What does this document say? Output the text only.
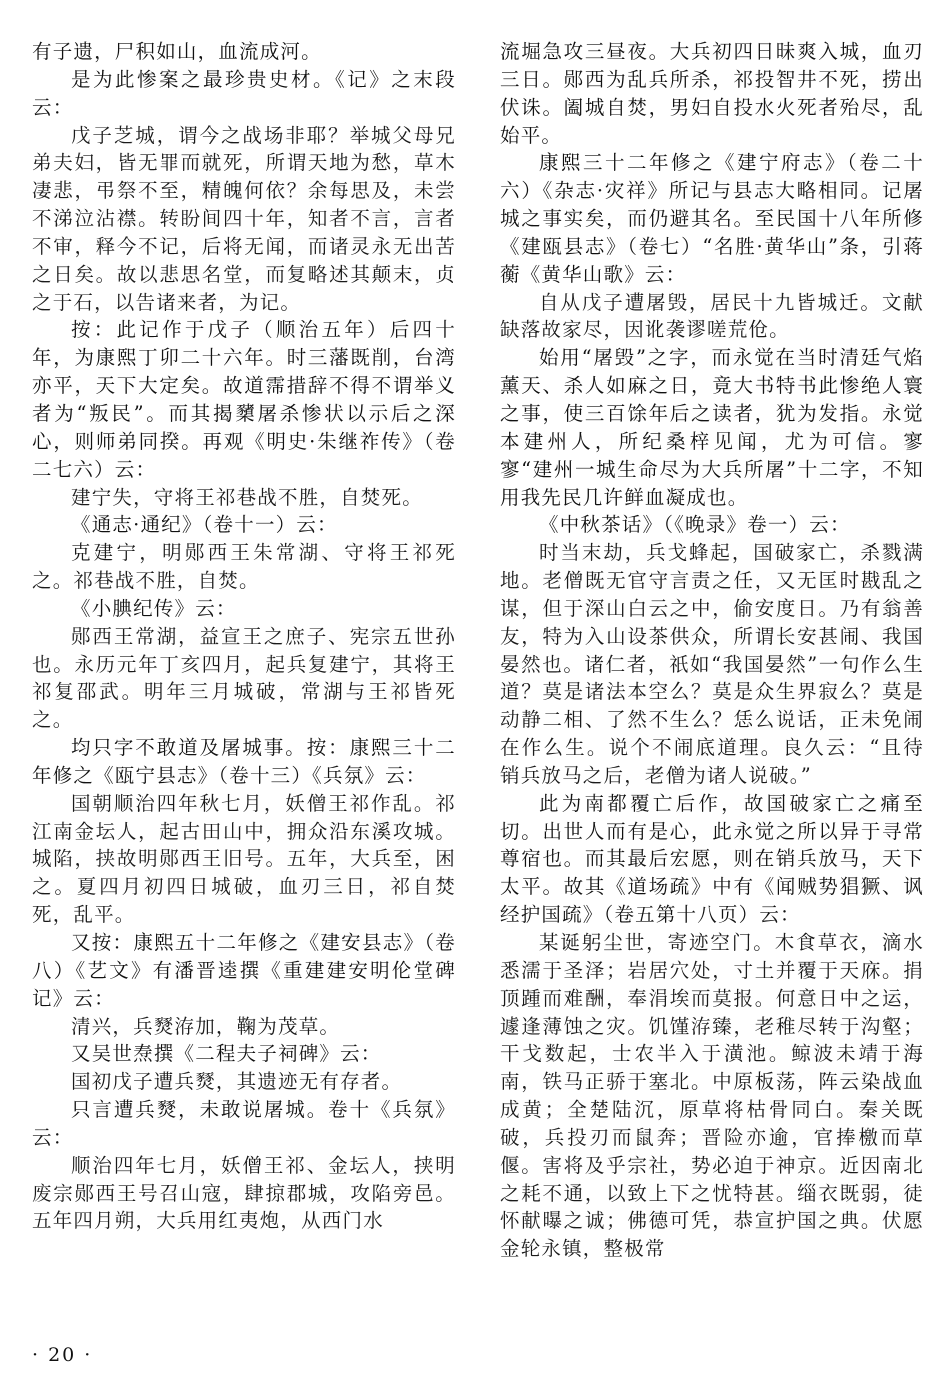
有子遗，尸积如山，血流成河。

是为此惨案之最珍贵史材。《记》之末段云：

戊子芝城，谓今之战场非耶？举城父母兄弟夫妇，皆无罪而就死，所谓天地为愁，草木凄悲，弔祭不至，精魄何依？余每思及，未尝不涕泣沾襟。转盼间四十年，知者不言，言者不审，释今不记，后将无闻，而诸灵永无出苦之日矣。故以悲思名堂，而复略述其颠末，贞之于石，以告诸来者，为记。

按：此记作于戊子（顺治五年）后四十年，为康熙丁卯二十六年。时三藩既削，台湾亦平，天下大定矣。故道霈措辞不得不谓举义者为“叛民”。而其揭櫫屠杀惨状以示后之深心，则师弟同揆。再观《明史·朱继祚传》（卷二七六）云：

建宁失，守将王祁巷战不胜，自焚死。

《通志·通纪》（卷十一）云：

克建宁，明郧西王朱常湖、守将王祁死之。祁巷战不胜，自焚。

《小腆纪传》云：

郧西王常湖，益宣王之庶子、宪宗五世孙也。永历元年丁亥四月，起兵复建宁，其将王祁复邵武。明年三月城破，常湖与王祁皆死之。

均只字不敢道及屠城事。按：康熙三十二年修之《瓯宁县志》（卷十三）《兵氛》云：

国朝顺治四年秋七月，妖僧王祁作乱。祁江南金坛人，起古田山中，拥众沿东溪攻城。城陷，挟故明郧西王旧号。五年，大兵至，困之。夏四月初四日城破，血刃三日，祁自焚死，乱平。

又按：康熙五十二年修之《建安县志》（卷八）《艺文》有潘晋逵撰《重建建安明伦堂碑记》云：

清兴，兵燹洊加，鞠为茂草。

又吴世焘撰《二程夫子祠碑》云：

国初戊子遭兵燹，其遗迹无有存者。

只言遭兵燹，未敢说屠城。卷十《兵氛》云：

顺治四年七月，妖僧王祁、金坛人，挟明废宗郧西王号召山寇，肆掠郡城，攻陷旁邑。五年四月朔，大兵用红夷炮，从西门水

流堀急攻三昼夜。大兵初四日昧爽入城，血刃三日。郧西为乱兵所杀，祁投智井不死，捞出伏诛。阖城自焚，男妇自投水火死者殆尽，乱始平。

康熙三十二年修之《建宁府志》（卷二十六）《杂志·灾祥》所记与县志大略相同。记屠城之事实矣，而仍避其名。至民国十八年所修《建瓯县志》（卷七）“名胜·黄华山”条，引蒋蘅《黄华山歌》云：

自从戊子遭屠毁，居民十九皆城迁。文献缺落故家尽，因讹袭谬嗟荒伧。

始用“屠毁”之字，而永觉在当时清廷气焰薰天、杀人如麻之日，竟大书特书此惨绝人寰之事，使三百馀年后之读者，犹为发指。永觉本建州人，所纪桑梓见闻，尤为可信。寥寥“建州一城生命尽为大兵所屠”十二字，不知用我先民几许鲜血凝成也。

《中秋茶话》（《晚录》卷一）云：

时当末劫，兵戈蜂起，国破家亡，杀戮满地。老僧既无官守言责之任，又无匡时戡乱之谋，但于深山白云之中，偷安度日。乃有翁善友，特为入山设茶供众，所谓长安甚闹、我国晏然也。诸仁者，祇如“我国晏然”一句作么生道？莫是诸法本空么？莫是众生界寂么？莫是动静二相、了然不生么？恁么说话，正未免闹在作么生。说个不闹底道理。良久云：“且待销兵放马之后，老僧为诸人说破。”

此为南都覆亡后作，故国破家亡之痛至切。出世人而有是心，此永觉之所以异于寻常尊宿也。而其最后宏愿，则在销兵放马，天下太平。故其《道场疏》中有《闻贼势猖獗、讽经护国疏》（卷五第十八页）云：

某诞躬尘世，寄迹空门。木食草衣，滴水悉濡于圣泽；岩居穴处，寸土并覆于天庥。捐顶踵而难酬，奉涓埃而莫报。何意日中之运，遽逢薄蚀之灾。饥馑洊臻，老稚尽转于沟壑；干戈数起，士农半入于潢池。鲸波未靖于海南，铁马正骄于塞北。中原板荡，阵云染战血成黄；全楚陆沉，原草将枯骨同白。秦关既破，兵投刃而鼠奔；晋险亦逾，官捧檄而草偃。害将及乎宗社，势必迫于神京。近因南北之耗不通，以致上下之忧特甚。缁衣既弱，徒怀献曝之诚；佛德可凭，恭宣护国之典。伏愿金轮永镇，整极常

· 20 ·
